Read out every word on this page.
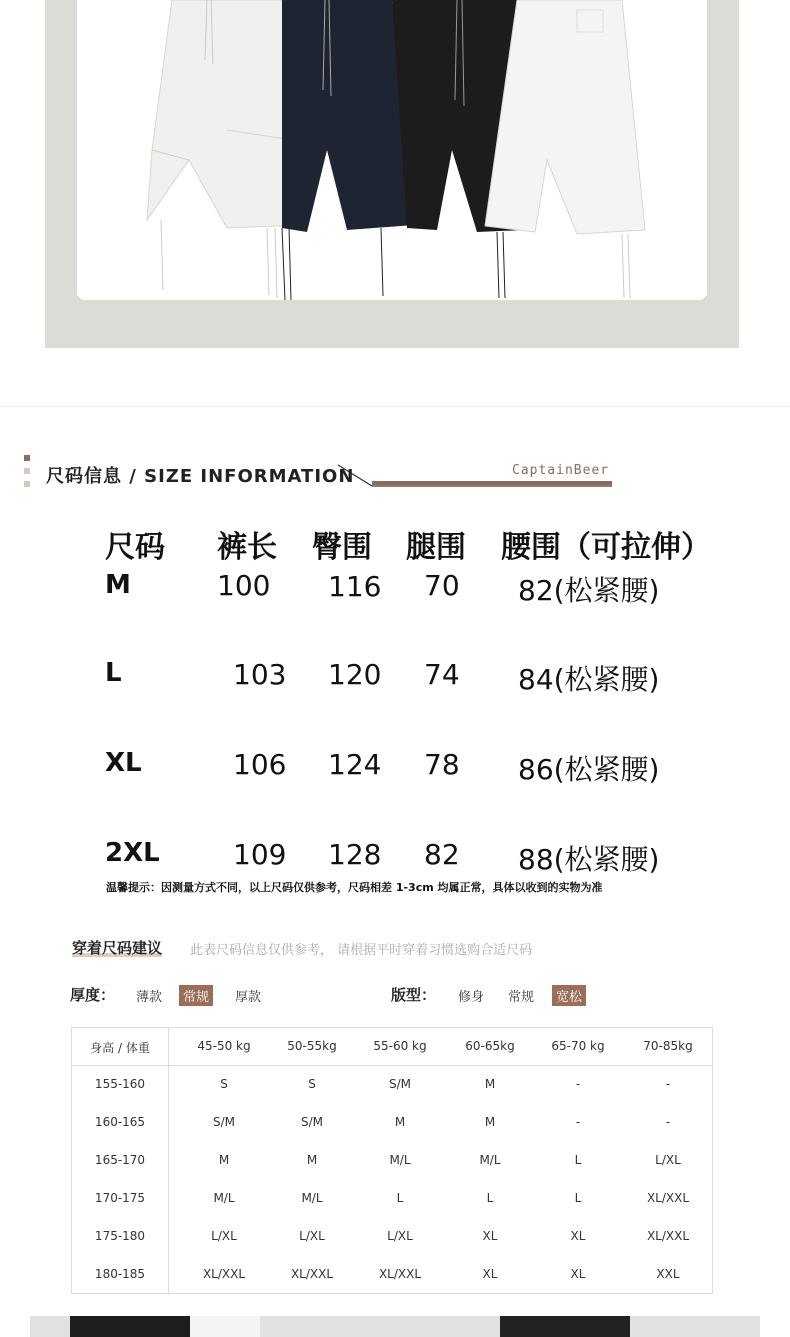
尺码信息 / SIZE INFORMATION	CaptainBeer
尺码 裤长 臀围 腿围 腰围（可拉伸）
M	100 116 70 82(松紧腰)
L	103 120 74 84(松紧腰)
XL	106 124 78 86(松紧腰)
2XL	109 128 82 88(松紧腰)
温馨提示：因测量方式不同，以上尺码仅供参考，尺码相差 1-3cm 均属正常，具体以收到的实物为准
穿着尺码建议 此表尺码信息仅供参考， 请根据平时穿着习惯选购合适尺码
厚度：	薄款	常规	厚款	版型：	修身	常规	宽松
身高 / 体重	45-50 kg	50-55kg	55-60 kg	60-65kg	65-70 kg	70-85kg
155-160	S	S	S/M	M	-	-
160-165	S/M	S/M	M	M	-	-
165-170	M	M	M/L	M/L	L	L/XL
170-175	M/L	M/L	L	L	L	XL/XXL
175-180	L/XL	L/XL	L/XL	XL	XL	XL/XXL
180-185	XL/XXL	XL/XXL	XL/XXL	XL	XL	XXL
